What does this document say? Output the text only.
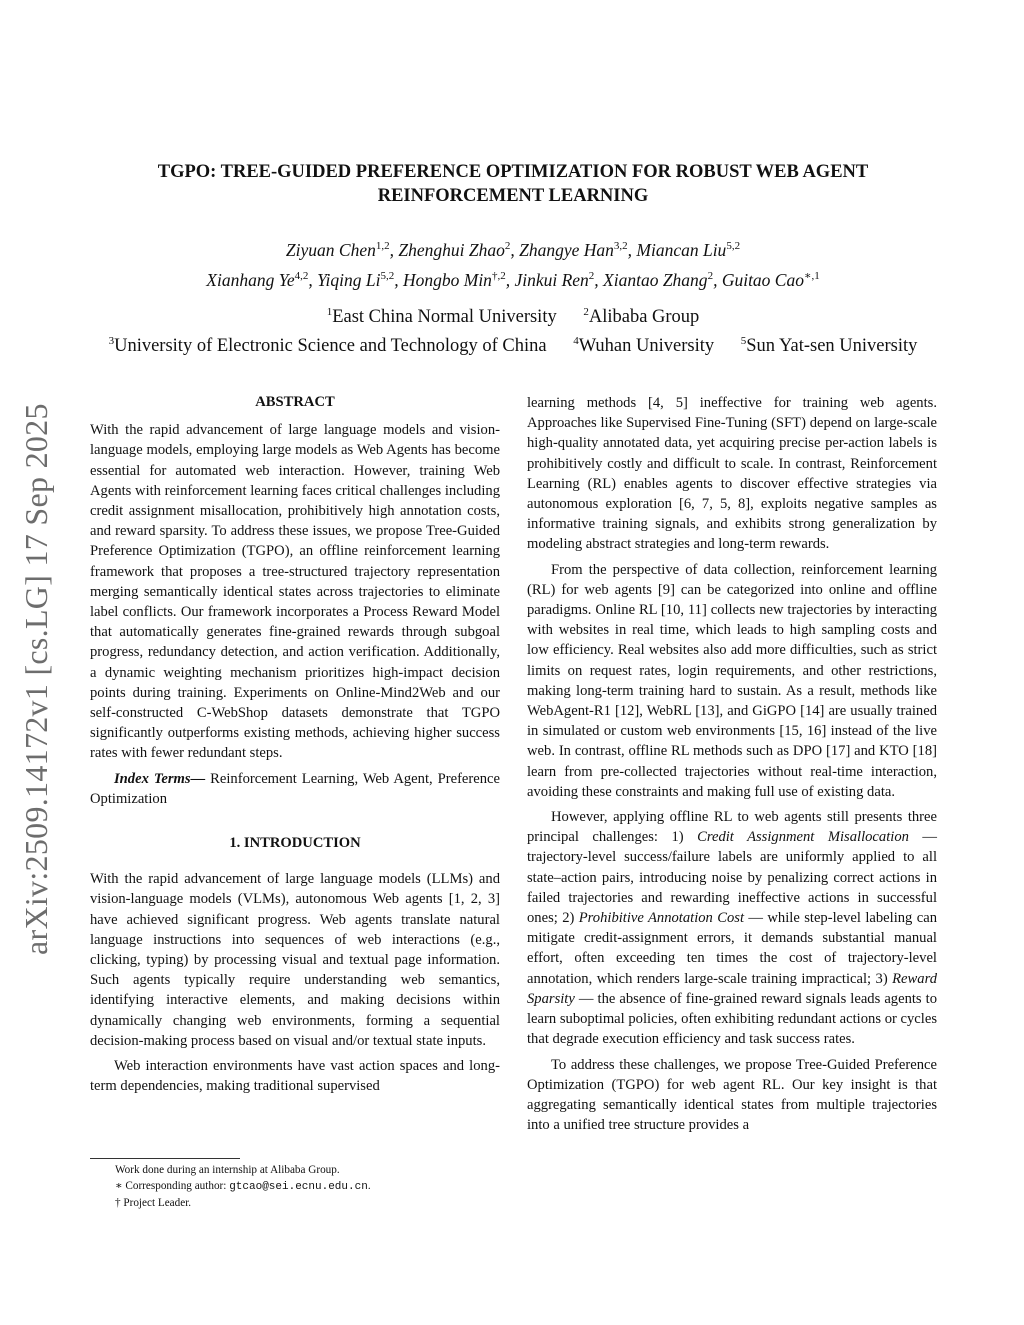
arXiv:2509.14172v1 [cs.LG] 17 Sep 2025
TGPO: TREE-GUIDED PREFERENCE OPTIMIZATION FOR ROBUST WEB AGENT
REINFORCEMENT LEARNING
Ziyuan Chen$^{1,2}$, Zhenghui Zhao$^2$, Zhangye Han$^{3,2}$, Miancan Liu$^{5,2}$
Xianhang Ye$^{4,2}$, Yiqing Li$^{5,2}$, Hongbo Min$^{\dagger,2}$, Jinkui Ren$^2$, Xiantao Zhang$^2$, Guitao Cao$^{∗,1}$
$^1$East China Normal University $^2$Alibaba Group
$^3$University of Electronic Science and Technology of China $^4$Wuhan University $^5$Sun Yat-sen University
ABSTRACT

With the rapid advancement of large language models and vision-language models, employing large models as Web Agents has become essential for automated web interaction. However, training Web Agents with reinforcement learning faces critical challenges including credit assignment misallocation, prohibitively high annotation costs, and reward sparsity. To address these issues, we propose Tree-Guided Preference Optimization (TGPO), an offline reinforcement learning framework that proposes a tree-structured trajectory representation merging semantically identical states across trajectories to eliminate label conflicts. Our framework incorporates a Process Reward Model that automatically generates fine-grained rewards through subgoal progress, redundancy detection, and action verification. Additionally, a dynamic weighting mechanism prioritizes high-impact decision points during training. Experiments on Online-Mind2Web and our self-constructed C-WebShop datasets demonstrate that TGPO significantly outperforms existing methods, achieving higher success rates with fewer redundant steps.

Index Terms— Reinforcement Learning, Web Agent, Preference Optimization

1. INTRODUCTION

With the rapid advancement of large language models (LLMs) and vision-language models (VLMs), autonomous Web agents [1, 2, 3] have achieved significant progress. Web agents translate natural language instructions into sequences of web interactions (e.g., clicking, typing) by processing visual and textual page information. Such agents typically require understanding web semantics, identifying interactive elements, and making decisions within dynamically changing web environments, forming a sequential decision-making process based on visual and/or textual state inputs.

Web interaction environments have vast action spaces and long-term dependencies, making traditional supervised

learning methods [4, 5] ineffective for training web agents. Approaches like Supervised Fine-Tuning (SFT) depend on large-scale high-quality annotated data, yet acquiring precise per-action labels is prohibitively costly and difficult to scale. In contrast, Reinforcement Learning (RL) enables agents to discover effective strategies via autonomous exploration [6, 7, 5, 8], exploits negative samples as informative training signals, and exhibits strong generalization by modeling abstract strategies and long-term rewards.

From the perspective of data collection, reinforcement learning (RL) for web agents [9] can be categorized into online and offline paradigms. Online RL [10, 11] collects new trajectories by interacting with websites in real time, which leads to high sampling costs and low efficiency. Real websites also add more difficulties, such as strict limits on request rates, login requirements, and other restrictions, making long-term training hard to sustain. As a result, methods like WebAgent-R1 [12], WebRL [13], and GiGPO [14] are usually trained in simulated or custom web environments [15, 16] instead of the live web. In contrast, offline RL methods such as DPO [17] and KTO [18] learn from pre-collected trajectories without real-time interaction, avoiding these constraints and making full use of existing data.

However, applying offline RL to web agents still presents three principal challenges: 1) Credit Assignment Misallocation — trajectory-level success/failure labels are uniformly applied to all state–action pairs, introducing noise by penalizing correct actions in failed trajectories and rewarding ineffective actions in successful ones; 2) Prohibitive Annotation Cost — while step-level labeling can mitigate credit-assignment errors, it demands substantial manual effort, often exceeding ten times the cost of trajectory-level annotation, which renders large-scale training impractical; 3) Reward Sparsity — the absence of fine-grained reward signals leads agents to learn suboptimal policies, often exhibiting redundant actions or cycles that degrade execution efficiency and task success rates.

To address these challenges, we propose Tree-Guided Preference Optimization (TGPO) for web agent RL. Our key insight is that aggregating semantically identical states from multiple trajectories into a unified tree structure provides a

Work done during an internship at Alibaba Group.
∗ Corresponding author: gtcao@sei.ecnu.edu.cn.
† Project Leader.
